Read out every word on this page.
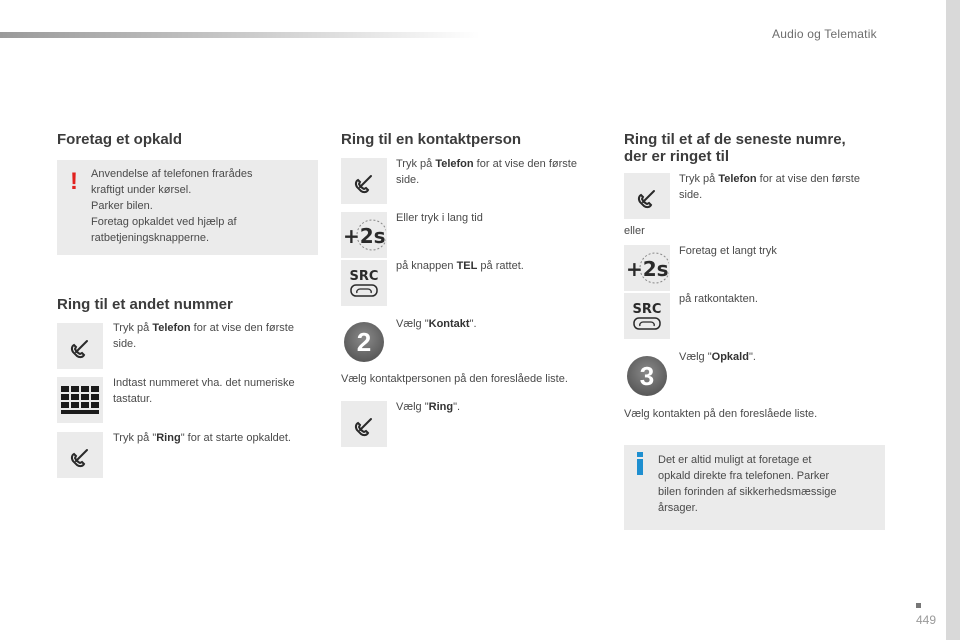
Audio og Telematik
449
Foretag et opkald
! Anvendelse af telefonen frarådes
kraftigt under kørsel.
Parker bilen.
Foretag opkaldet ved hjælp af
ratbetjeningsknapperne.
Ring til et andet nummer
Tryk på Telefon for at vise den første
side.
Indtast nummeret vha. det numeriske
tastatur.
Tryk på "Ring" for at starte opkaldet.
Ring til en kontaktperson
Tryk på Telefon for at vise den første
side.
+2s
Eller tryk i lang tid
SRC
på knappen TEL på rattet.
2
Vælg "Kontakt".
Vælg kontaktpersonen på den foreslåede liste.
Vælg "Ring".
Ring til et af de seneste numre,
der er ringet til
Tryk på Telefon for at vise den første
side.
eller
+2s
Foretag et langt tryk
SRC
på ratkontakten.
3
Vælg "Opkald".
Vælg kontakten på den foreslåede liste.
Det er altid muligt at foretage et
opkald direkte fra telefonen. Parker
bilen forinden af sikkerhedsmæssige
årsager.
